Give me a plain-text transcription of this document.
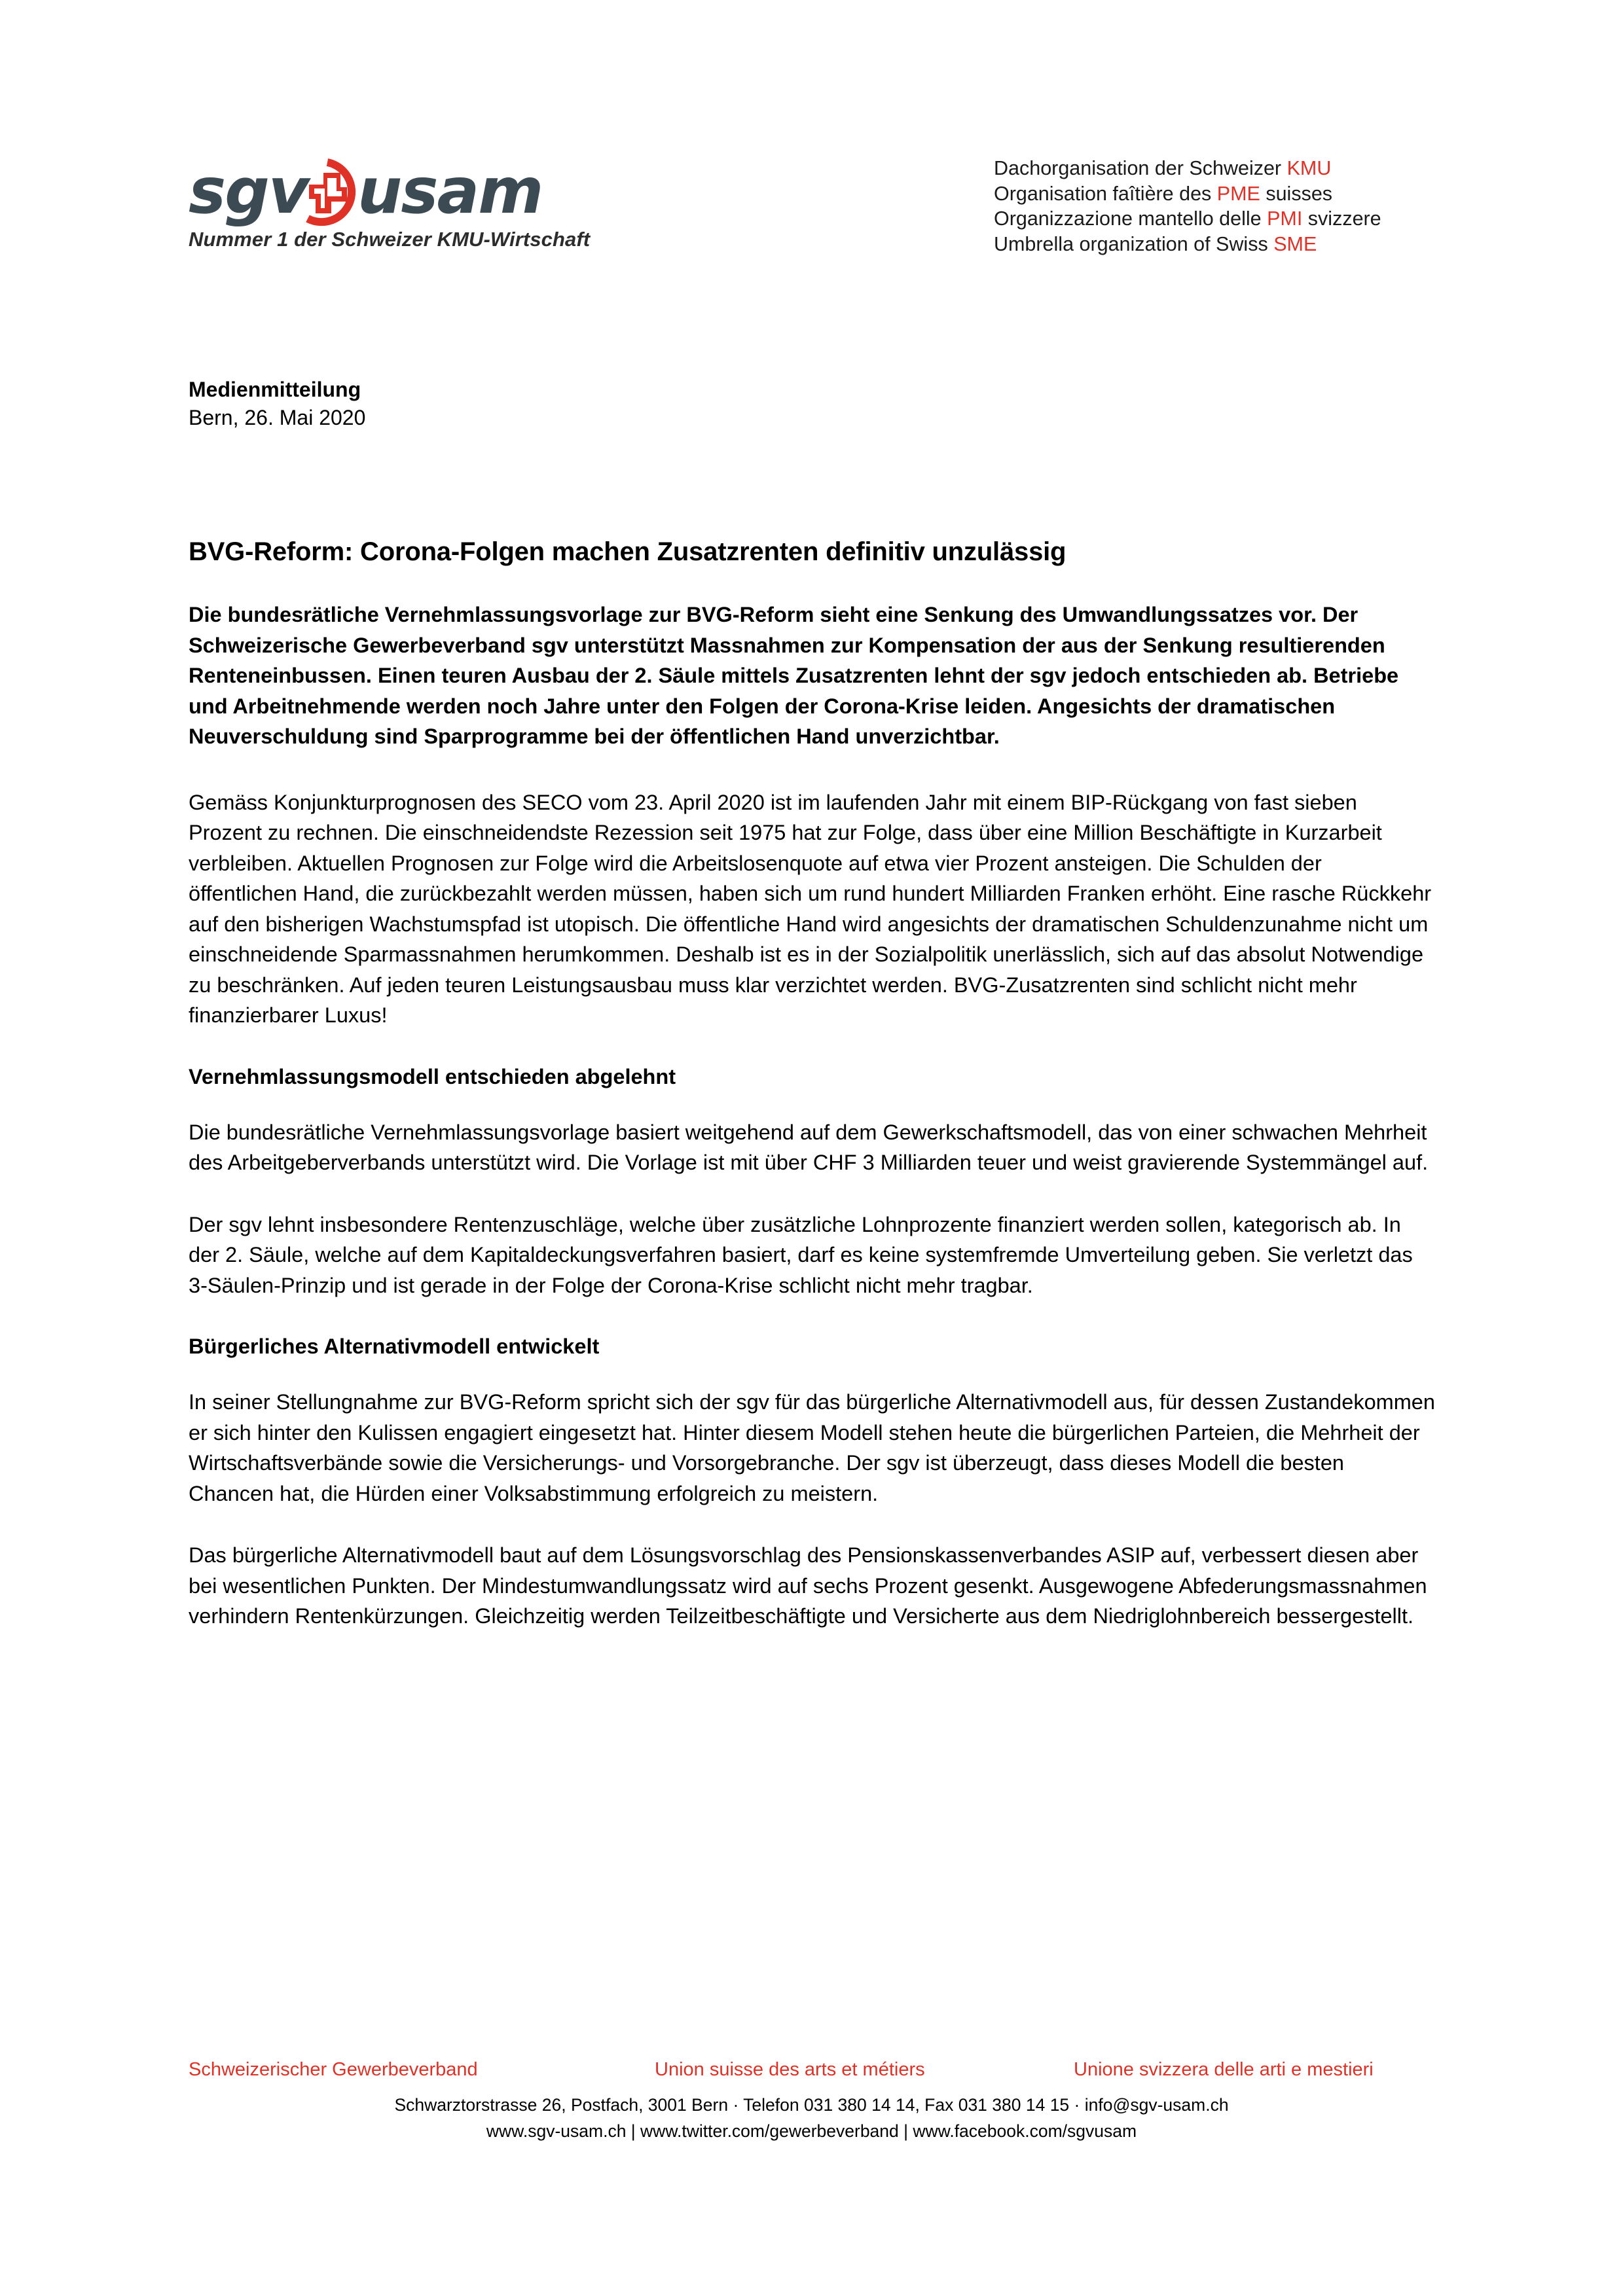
sgv usam
Nummer 1 der Schweizer KMU-Wirtschaft
Dachorganisation der Schweizer KMU
Organisation faîtière des PME suisses
Organizzazione mantello delle PMI svizzere
Umbrella organization of Swiss SME
Medienmitteilung
Bern, 26. Mai 2020
BVG-Reform: Corona-Folgen machen Zusatzrenten definitiv unzulässig

Die bundesrätliche Vernehmlassungsvorlage zur BVG-Reform sieht eine Senkung des Umwandlungssatzes vor. Der Schweizerische Gewerbeverband sgv unterstützt Massnahmen zur Kompensation der aus der Senkung resultierenden Renteneinbussen. Einen teuren Ausbau der 2. Säule mittels Zusatzrenten lehnt der sgv jedoch entschieden ab. Betriebe und Arbeitnehmende werden noch Jahre unter den Folgen der Corona-Krise leiden. Angesichts der dramatischen Neuverschuldung sind Sparprogramme bei der öffentlichen Hand unverzichtbar.

Gemäss Konjunkturprognosen des SECO vom 23. April 2020 ist im laufenden Jahr mit einem BIP-Rückgang von fast sieben Prozent zu rechnen. Die einschneidendste Rezession seit 1975 hat zur Folge, dass über eine Million Beschäftigte in Kurzarbeit verbleiben. Aktuellen Prognosen zur Folge wird die Arbeitslosenquote auf etwa vier Prozent ansteigen. Die Schulden der öffentlichen Hand, die zurückbezahlt werden müssen, haben sich um rund hundert Milliarden Franken erhöht. Eine rasche Rückkehr auf den bisherigen Wachstumspfad ist utopisch. Die öffentliche Hand wird angesichts der dramatischen Schuldenzunahme nicht um einschneidende Sparmassnahmen herumkommen. Deshalb ist es in der Sozialpolitik unerlässlich, sich auf das absolut Notwendige zu beschränken. Auf jeden teuren Leistungsausbau muss klar verzichtet werden. BVG-Zusatzrenten sind schlicht nicht mehr finanzierbarer Luxus!

Vernehmlassungsmodell entschieden abgelehnt

Die bundesrätliche Vernehmlassungsvorlage basiert weitgehend auf dem Gewerkschaftsmodell, das von einer schwachen Mehrheit des Arbeitgeberverbands unterstützt wird. Die Vorlage ist mit über CHF 3 Milliarden teuer und weist gravierende Systemmängel auf.

Der sgv lehnt insbesondere Rentenzuschläge, welche über zusätzliche Lohnprozente finanziert werden sollen, kategorisch ab. In der 2. Säule, welche auf dem Kapitaldeckungsverfahren basiert, darf es keine systemfremde Umverteilung geben. Sie verletzt das 3-Säulen-Prinzip und ist gerade in der Folge der Corona-Krise schlicht nicht mehr tragbar.

Bürgerliches Alternativmodell entwickelt

In seiner Stellungnahme zur BVG-Reform spricht sich der sgv für das bürgerliche Alternativmodell aus, für dessen Zustandekommen er sich hinter den Kulissen engagiert eingesetzt hat. Hinter diesem Modell stehen heute die bürgerlichen Parteien, die Mehrheit der Wirtschaftsverbände sowie die Versicherungs- und Vorsorgebranche. Der sgv ist überzeugt, dass dieses Modell die besten Chancen hat, die Hürden einer Volksabstimmung erfolgreich zu meistern.

Das bürgerliche Alternativmodell baut auf dem Lösungsvorschlag des Pensionskassenverbandes ASIP auf, verbessert diesen aber bei wesentlichen Punkten. Der Mindestumwandlungssatz wird auf sechs Prozent gesenkt. Ausgewogene Abfederungsmassnahmen verhindern Rentenkürzungen. Gleichzeitig werden Teilzeitbeschäftigte und Versicherte aus dem Niedriglohnbereich bessergestellt.

Schweizerischer Gewerbeverband	Union suisse des arts et métiers	Unione svizzera delle arti e mestieri
Schwarztorstrasse 26, Postfach, 3001 Bern · Telefon 031 380 14 14, Fax 031 380 14 15 · info@sgv-usam.ch
www.sgv-usam.ch | www.twitter.com/gewerbeverband | www.facebook.com/sgvusam
